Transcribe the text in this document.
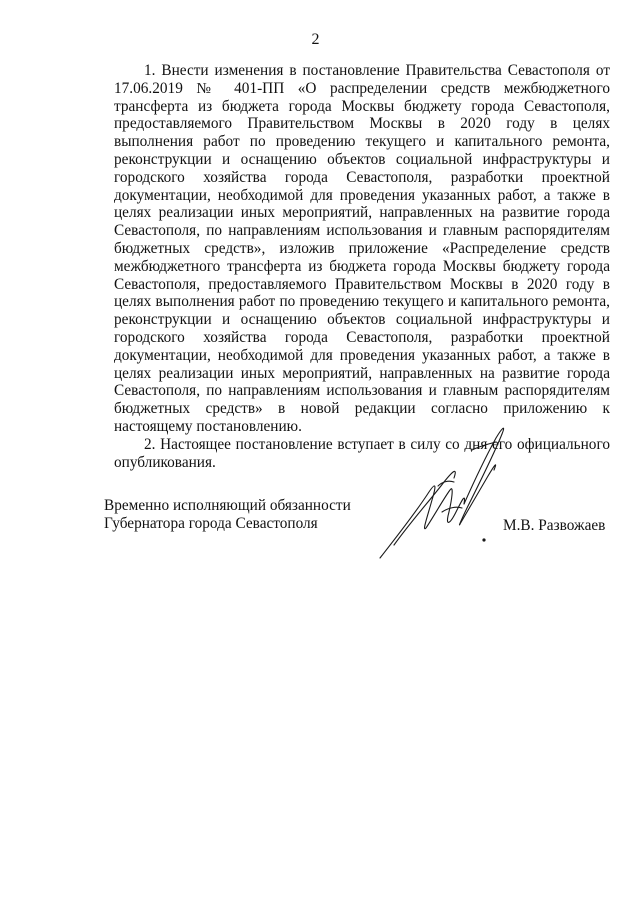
2

1. Внести изменения в постановление Правительства Севастополя от 17.06.2019 № 401-ПП «О распределении средств межбюджетного трансферта из бюджета города Москвы бюджету города Севастополя, предоставляемого Правительством Москвы в 2020 году в целях выполнения работ по проведению текущего и капитального ремонта, реконструкции и оснащению объектов социальной инфраструктуры и городского хозяйства города Севастополя, разработки проектной документации, необходимой для проведения указанных работ, а также в целях реализации иных мероприятий, направленных на развитие города Севастополя, по направлениям использования и главным распорядителям бюджетных средств», изложив приложение «Распределение средств межбюджетного трансферта из бюджета города Москвы бюджету города Севастополя, предоставляемого Правительством Москвы в 2020 году в целях выполнения работ по проведению текущего и капитального ремонта, реконструкции и оснащению объектов социальной инфраструктуры и городского хозяйства города Севастополя, разработки проектной документации, необходимой для проведения указанных работ, а также в целях реализации иных мероприятий, направленных на развитие города Севастополя, по направлениям использования и главным распорядителям бюджетных средств» в новой редакции согласно приложению к настоящему постановлению.

2. Настоящее постановление вступает в силу со дня его официального опубликования.

Временно исполняющий обязанности
Губернатора города Севастополя	М.В. Развожаев
